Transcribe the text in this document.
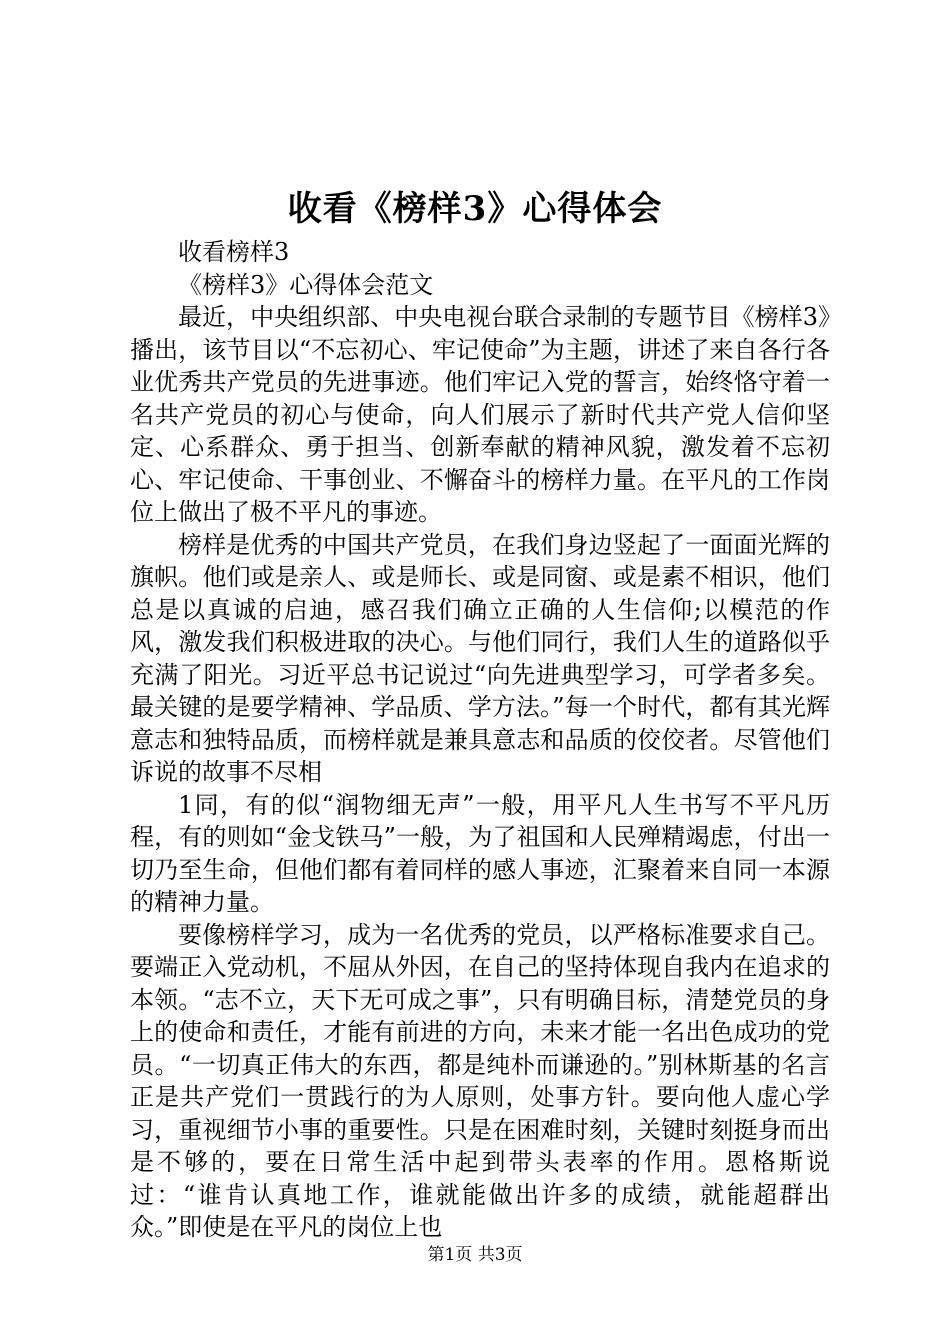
收看《榜样3》心得体会

收看榜样3

《榜样3》心得体会范文

最近，中央组织部、中央电视台联合录制的专题节目《榜样3》播出，该节目以“不忘初心、牢记使命”为主题，讲述了来自各行各业优秀共产党员的先进事迹。他们牢记入党的誓言，始终恪守着一名共产党员的初心与使命，向人们展示了新时代共产党人信仰坚定、心系群众、勇于担当、创新奉献的精神风貌，激发着不忘初心、牢记使命、干事创业、不懈奋斗的榜样力量。在平凡的工作岗位上做出了极不平凡的事迹。

榜样是优秀的中国共产党员，在我们身边竖起了一面面光辉的旗帜。他们或是亲人、或是师长、或是同窗、或是素不相识，他们总是以真诚的启迪，感召我们确立正确的人生信仰;以模范的作风，激发我们积极进取的决心。与他们同行，我们人生的道路似乎充满了阳光。习近平总书记说过“向先进典型学习，可学者多矣。最关键的是要学精神、学品质、学方法。”每一个时代，都有其光辉意志和独特品质，而榜样就是兼具意志和品质的佼佼者。尽管他们诉说的故事不尽相

1同，有的似“润物细无声”一般，用平凡人生书写不平凡历程，有的则如“金戈铁马”一般，为了祖国和人民殚精竭虑，付出一切乃至生命，但他们都有着同样的感人事迹，汇聚着来自同一本源的精神力量。

要像榜样学习，成为一名优秀的党员，以严格标准要求自己。要端正入党动机，不屈从外因，在自己的坚持体现自我内在追求的本领。“志不立，天下无可成之事”，只有明确目标，清楚党员的身上的使命和责任，才能有前进的方向，未来才能一名出色成功的党员。“一切真正伟大的东西，都是纯朴而谦逊的。”别林斯基的名言正是共产党们一贯践行的为人原则，处事方针。要向他人虚心学习，重视细节小事的重要性。只是在困难时刻，关键时刻挺身而出是不够的，要在日常生活中起到带头表率的作用。恩格斯说过：“谁肯认真地工作，谁就能做出许多的成绩，就能超群出众。”即使是在平凡的岗位上也

第1页 共3页
